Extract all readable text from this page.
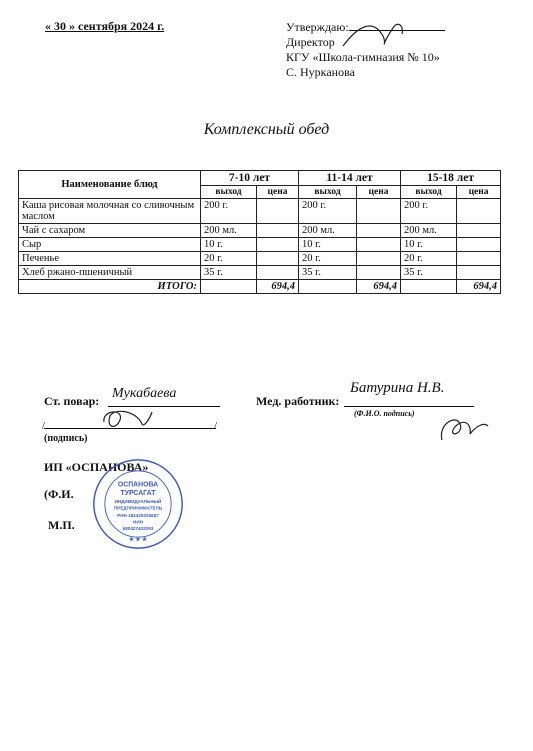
« 30 » сентября 2024 г.	Утверждаю:
Директор
КГУ «Школа-гимназия № 10»
С. Нурканова
Комплексный обед
Наименование блюд	7-10 лет		11-14 лет		15-18 лет	
	выход	цена	выход	цена	выход	цена
Каша рисовая молочная со сливочным маслом	200 г.		200 г.		200 г.	
Чай с сахаром	200 мл.		200 мл.		200 мл.	
Сыр	10 г.		10 г.		10 г.	
Печенье	20 г.		20 г.		20 г.	
Хлеб ржано-пшеничный	35 г.		35 г.		35 г.	
ИТОГО:		694,4		694,4		694,4
Ст. повар: Мукабаева
/	/
(подпись)
Мед. работник:
Батурина Н.В.
(Ф.И.О. подпись)
ИП «ОСПАНОВА»
(Ф.И.
М.П.
ОСПАНОВА
ТУРСАГАТ
ИНДИВИДУАЛЬНЫЙ
ПРЕДПРИНИМАТЕЛЬ
РНН 182420025657
ИИН
580427402093
★ ★ ★
